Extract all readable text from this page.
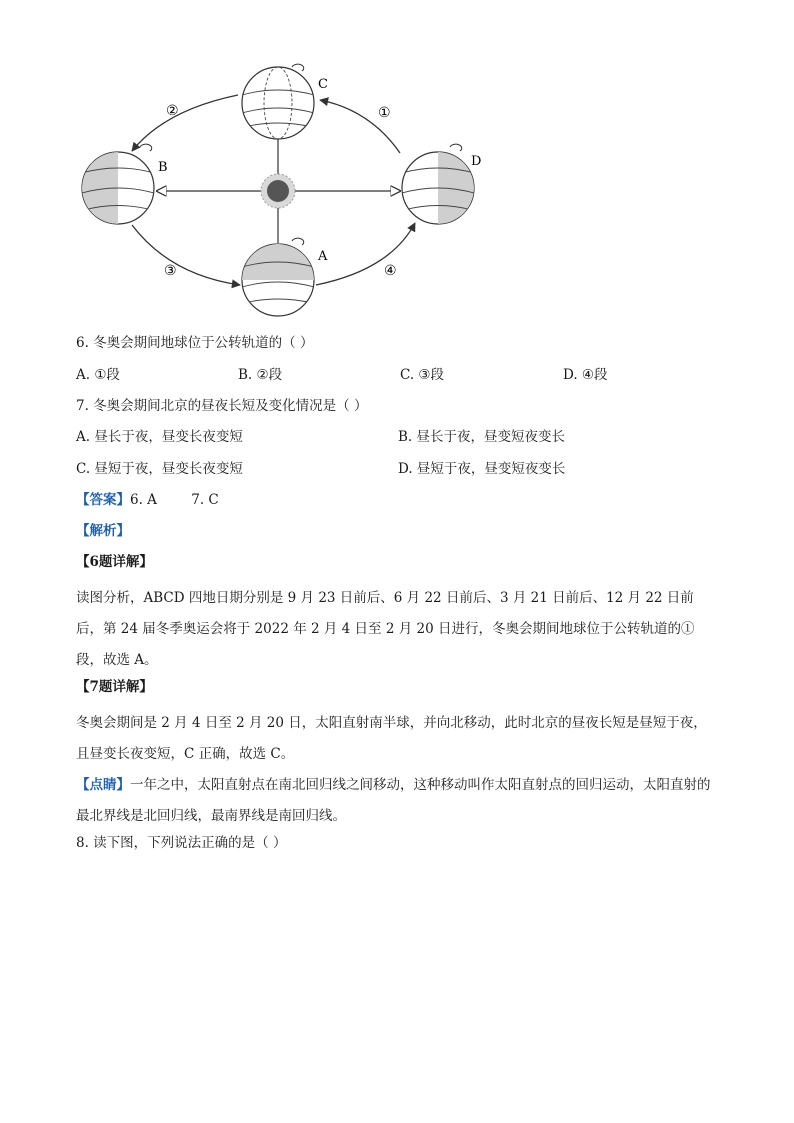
C
B	D
A
①
②
③	④
6. 冬奥会期间地球位于公转轨道的（ ）
A. ①段	B. ②段	C. ③段	D. ④段
7. 冬奥会期间北京的昼夜长短及变化情况是（ ）
A. 昼长于夜，昼变长夜变短	B. 昼长于夜，昼变短夜变长
C. 昼短于夜，昼变长夜变短	D. 昼短于夜，昼变短夜变长
【答案】6. A        7. C
【解析】
【6题详解】
读图分析，ABCD 四地日期分别是 9 月 23 日前后、6 月 22 日前后、3 月 21 日前后、12 月 22 日前后，第 24 届冬季奥运会将于 2022 年 2 月 4 日至 2 月 20 日进行，冬奥会期间地球位于公转轨道的①段，故选 A。
【7题详解】
冬奥会期间是 2 月 4 日至 2 月 20 日，太阳直射南半球，并向北移动，此时北京的昼夜长短是昼短于夜，且昼变长夜变短，C 正确，故选 C。
【点睛】一年之中，太阳直射点在南北回归线之间移动，这种移动叫作太阳直射点的回归运动，太阳直射的最北界线是北回归线，最南界线是南回归线。
8. 读下图，下列说法正确的是（ ）
